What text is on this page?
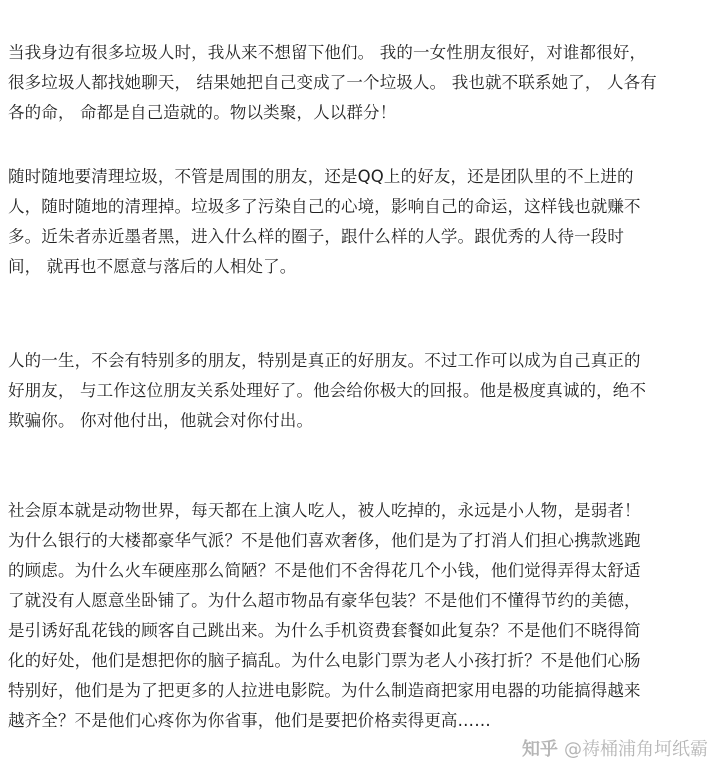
当我身边有很多垃圾人时，我从来不想留下他们。 我的一女性朋友很好，对谁都很好，

很多垃圾人都找她聊天， 结果她把自己变成了一个垃圾人。 我也就不联系她了， 人各有

各的命， 命都是自己造就的。物以类聚，人以群分！

随时随地要清理垃圾，不管是周围的朋友，还是QQ上的好友，还是团队里的不上进的

人，随时随地的清理掉。垃圾多了污染自己的心境，影响自己的命运，这样钱也就赚不

多。近朱者赤近墨者黑，进入什么样的圈子，跟什么样的人学。跟优秀的人待一段时

间， 就再也不愿意与落后的人相处了。

人的一生，不会有特别多的朋友，特别是真正的好朋友。不过工作可以成为自己真正的

好朋友， 与工作这位朋友关系处理好了。他会给你极大的回报。他是极度真诚的，绝不

欺骗你。 你对他付出，他就会对你付出。

社会原本就是动物世界，每天都在上演人吃人，被人吃掉的，永远是小人物，是弱者！

为什么银行的大楼都豪华气派？不是他们喜欢奢侈，他们是为了打消人们担心携款逃跑

的顾虑。为什么火车硬座那么简陋？不是他们不舍得花几个小钱，他们觉得弄得太舒适

了就没有人愿意坐卧铺了。为什么超市物品有豪华包装？不是他们不懂得节约的美德，

是引诱好乱花钱的顾客自己跳出来。为什么手机资费套餐如此复杂？不是他们不晓得简

化的好处，他们是想把你的脑子搞乱。为什么电影门票为老人小孩打折？不是他们心肠

特别好，他们是为了把更多的人拉进电影院。为什么制造商把家用电器的功能搞得越来

越齐全？不是他们心疼你为你省事，他们是要把价格卖得更高……

知乎 @祷桶浦角坷纸霸
